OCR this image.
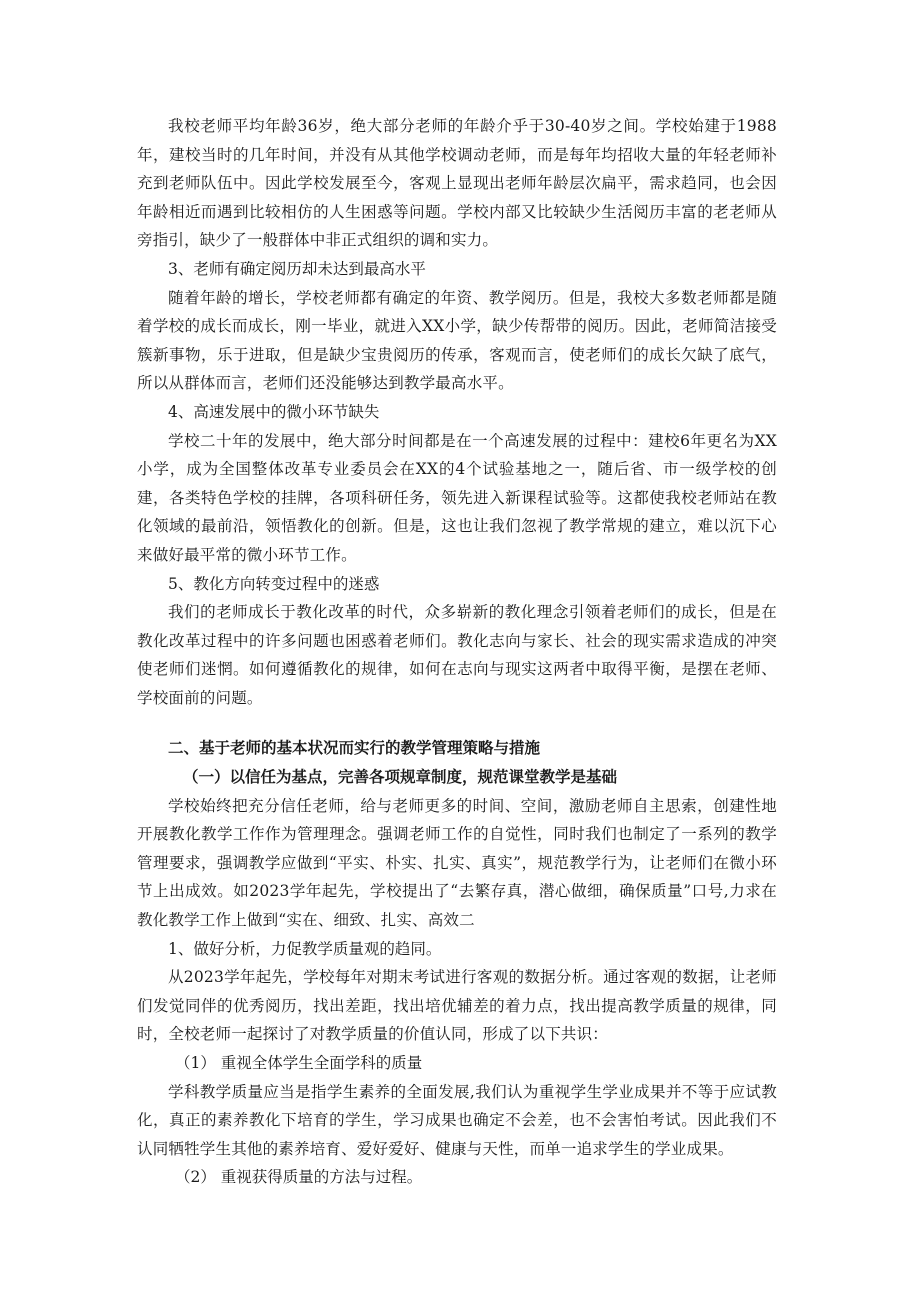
我校老师平均年龄36岁，绝大部分老师的年龄介乎于30-40岁之间。学校始建于1988年，建校当时的几年时间，并没有从其他学校调动老师，而是每年均招收大量的年轻老师补充到老师队伍中。因此学校发展至今，客观上显现出老师年龄层次扁平，需求趋同，也会因年龄相近而遇到比较相仿的人生困惑等问题。学校内部又比较缺少生活阅历丰富的老老师从旁指引，缺少了一般群体中非正式组织的调和实力。

3、老师有确定阅历却未达到最高水平

随着年龄的增长，学校老师都有确定的年资、教学阅历。但是，我校大多数老师都是随着学校的成长而成长，刚一毕业，就进入XX小学，缺少传帮带的阅历。因此，老师简洁接受簇新事物，乐于进取，但是缺少宝贵阅历的传承，客观而言，使老师们的成长欠缺了底气，所以从群体而言，老师们还没能够达到教学最高水平。

4、高速发展中的微小环节缺失

学校二十年的发展中，绝大部分时间都是在一个高速发展的过程中：建校6年更名为XX小学，成为全国整体改革专业委员会在XX的4个试验基地之一，随后省、市一级学校的创建，各类特色学校的挂牌，各项科研任务，领先进入新课程试验等。这都使我校老师站在教化领域的最前沿，领悟教化的创新。但是，这也让我们忽视了教学常规的建立，难以沉下心来做好最平常的微小环节工作。

5、教化方向转变过程中的迷惑

我们的老师成长于教化改革的时代，众多崭新的教化理念引领着老师们的成长，但是在教化改革过程中的许多问题也困惑着老师们。教化志向与家长、社会的现实需求造成的冲突使老师们迷惘。如何遵循教化的规律，如何在志向与现实这两者中取得平衡，是摆在老师、学校面前的问题。

二、基于老师的基本状况而实行的教学管理策略与措施

（一）以信任为基点，完善各项规章制度，规范课堂教学是基础

学校始终把充分信任老师，给与老师更多的时间、空间，激励老师自主思索，创建性地开展教化教学工作作为管理理念。强调老师工作的自觉性，同时我们也制定了一系列的教学管理要求，强调教学应做到“平实、朴实、扎实、真实”，规范教学行为，让老师们在微小环节上出成效。如2023学年起先，学校提出了“去繁存真，潜心做细，确保质量”口号,力求在教化教学工作上做到“实在、细致、扎实、高效二

1、做好分析，力促教学质量观的趋同。

从2023学年起先，学校每年对期末考试进行客观的数据分析。通过客观的数据，让老师们发觉同伴的优秀阅历，找出差距，找出培优辅差的着力点，找出提高教学质量的规律，同时，全校老师一起探讨了对教学质量的价值认同，形成了以下共识：

（1） 重视全体学生全面学科的质量

学科教学质量应当是指学生素养的全面发展,我们认为重视学生学业成果并不等于应试教化，真正的素养教化下培育的学生，学习成果也确定不会差，也不会害怕考试。因此我们不认同牺牲学生其他的素养培育、爱好爱好、健康与天性，而单一追求学生的学业成果。

（2） 重视获得质量的方法与过程。
